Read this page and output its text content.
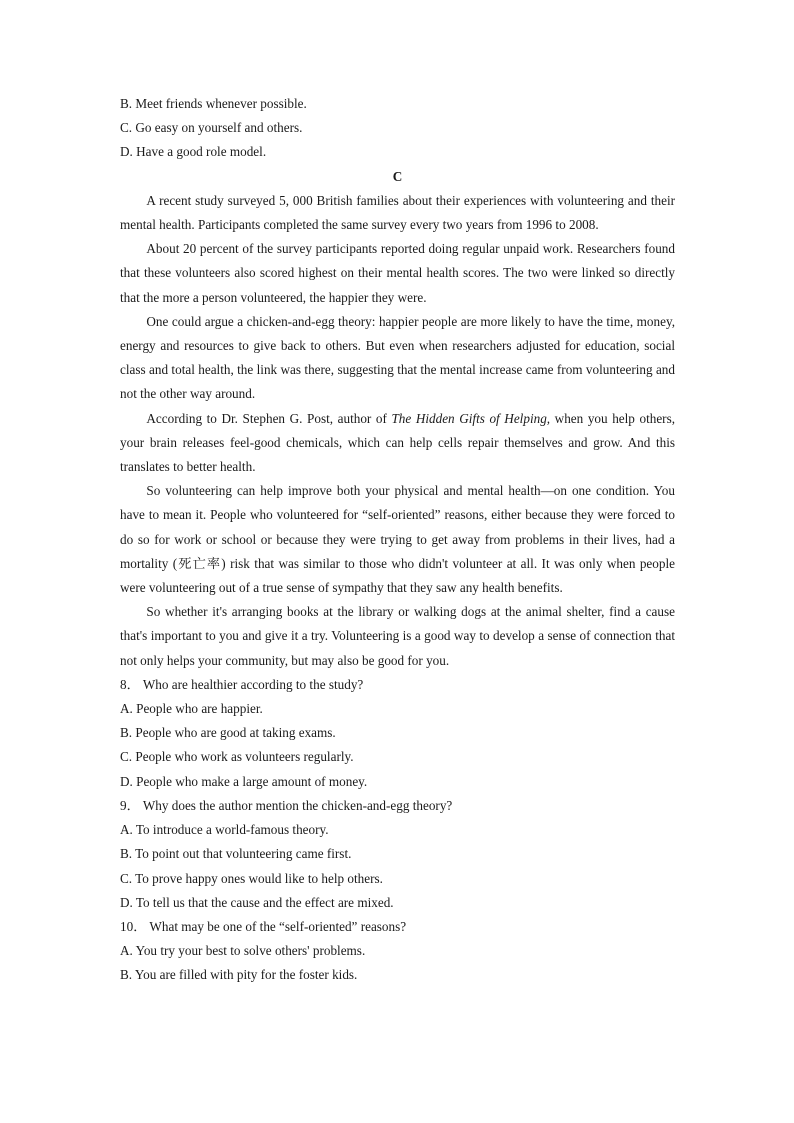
B. Meet friends whenever possible.

C. Go easy on yourself and others.

D. Have a good role model.

C

A recent study surveyed 5, 000 British families about their experiences with volunteering and their mental health. Participants completed the same survey every two years from 1996 to 2008.

About 20 percent of the survey participants reported doing regular unpaid work. Researchers found that these volunteers also scored highest on their mental health scores. The two were linked so directly that the more a person volunteered, the happier they were.

One could argue a chicken-and-egg theory: happier people are more likely to have the time, money, energy and resources to give back to others. But even when researchers adjusted for education, social class and total health, the link was there, suggesting that the mental increase came from volunteering and not the other way around.

According to Dr. Stephen G. Post, author of The Hidden Gifts of Helping, when you help others, your brain releases feel-good chemicals, which can help cells repair themselves and grow. And this translates to better health.

So volunteering can help improve both your physical and mental health—on one condition. You have to mean it. People who volunteered for “self-oriented” reasons, either because they were forced to do so for work or school or because they were trying to get away from problems in their lives, had a mortality (死亡率) risk that was similar to those who didn't volunteer at all. It was only when people were volunteering out of a true sense of sympathy that they saw any health benefits.

So whether it's arranging books at the library or walking dogs at the animal shelter, find a cause that's important to you and give it a try. Volunteering is a good way to develop a sense of connection that not only helps your community, but may also be good for you.

8． Who are healthier according to the study?

A. People who are happier.

B. People who are good at taking exams.

C. People who work as volunteers regularly.

D. People who make a large amount of money.

9． Why does the author mention the chicken-and-egg theory?

A. To introduce a world-famous theory.

B. To point out that volunteering came first.

C. To prove happy ones would like to help others.

D. To tell us that the cause and the effect are mixed.

10． What may be one of the “self-oriented” reasons?

A. You try your best to solve others' problems.

B. You are filled with pity for the foster kids.
